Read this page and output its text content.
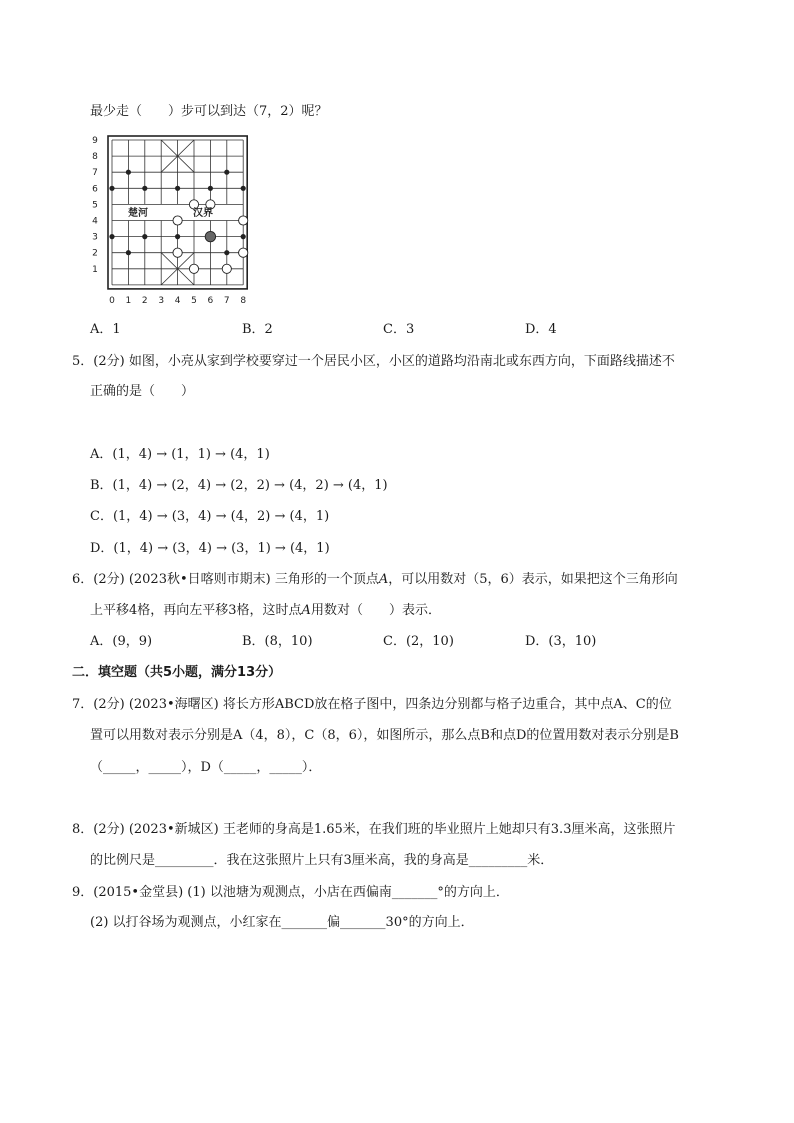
最少走（　　）步可以到达（7，2）呢？
0 1 2 3 4 5 6 7 8
1
2
3
4
5
6
7
8
9
楚河	汉界
A．1	B．2	C．3	D．4
5．(2分) 如图，小亮从家到学校要穿过一个居民小区，小区的道路均沿南北或东西方向，下面路线描述不
正确的是（　　）
A．(1，4) → (1，1) → (4，1)
B．(1，4) → (2，4) → (2，2) → (4，2) → (4，1)
C．(1，4) → (3，4) → (4，2) → (4，1)
D．(1，4) → (3，4) → (3，1) → (4，1)
6．(2分) (2023秋•日喀则市期末) 三角形的一个顶点A，可以用数对（5，6）表示，如果把这个三角形向
上平移4格，再向左平移3格，这时点A用数对（　　）表示．
A．(9，9)	B．(8，10)	C．(2，10)	D．(3，10)
二．填空题（共5小题，满分13分）
7．(2分) (2023•海曙区) 将长方形ABCD放在格子图中，四条边分别都与格子边重合，其中点A、C的位
置可以用数对表示分别是A（4，8），C（8，6），如图所示，那么点B和点D的位置用数对表示分别是B
（_____，_____），D（_____，_____）．
8．(2分) (2023•新城区) 王老师的身高是1.65米，在我们班的毕业照片上她却只有3.3厘米高，这张照片
的比例尺是_________．我在这张照片上只有3厘米高，我的身高是_________米．
9．(2015•金堂县) (1) 以池塘为观测点，小店在西偏南_______°的方向上．
(2) 以打谷场为观测点，小红家在_______偏_______30°的方向上．
